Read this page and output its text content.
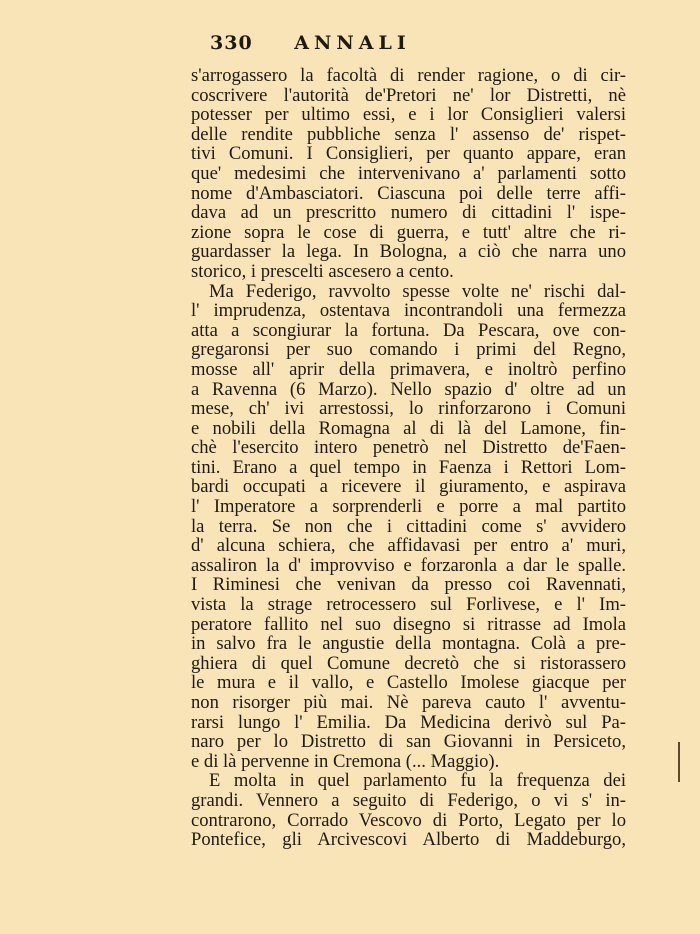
330 ANNALI
s'arrogassero la facoltà di render ragione, o di cir-
coscrivere l'autorità de'Pretori ne' lor Distretti, nè
potesser per ultimo essi, e i lor Consiglieri valersi
delle rendite pubbliche senza l' assenso de' rispet-
tivi Comuni. I Consiglieri, per quanto appare, eran
que' medesimi che intervenivano a' parlamenti sotto
nome d'Ambasciatori. Ciascuna poi delle terre affi-
dava ad un prescritto numero di cittadini l' ispe-
zione sopra le cose di guerra, e tutt' altre che ri-
guardasser la lega. In Bologna, a ciò che narra uno
storico, i prescelti ascesero a cento.
Ma Federigo, ravvolto spesse volte ne' rischi dal-
l' imprudenza, ostentava incontrandoli una fermezza
atta a scongiurar la fortuna. Da Pescara, ove con-
gregaronsi per suo comando i primi del Regno,
mosse all' aprir della primavera, e inoltrò perfino
a Ravenna (6 Marzo). Nello spazio d' oltre ad un
mese, ch' ivi arrestossi, lo rinforzarono i Comuni
e nobili della Romagna al di là del Lamone, fin-
chè l'esercito intero penetrò nel Distretto de'Faen-
tini. Erano a quel tempo in Faenza i Rettori Lom-
bardi occupati a ricevere il giuramento, e aspirava
l' Imperatore a sorprenderli e porre a mal partito
la terra. Se non che i cittadini come s' avvidero
d' alcuna schiera, che affidavasi per entro a' muri,
assaliron la d' improvviso e forzaronla a dar le spalle.
I Riminesi che venivan da presso coi Ravennati,
vista la strage retrocessero sul Forlivese, e l' Im-
peratore fallito nel suo disegno si ritrasse ad Imola
in salvo fra le angustie della montagna. Colà a pre-
ghiera di quel Comune decretò che si ristorassero
le mura e il vallo, e Castello Imolese giacque per
non risorger più mai. Nè pareva cauto l' avventu-
rarsi lungo l' Emilia. Da Medicina derivò sul Pa-
naro per lo Distretto di san Giovanni in Persiceto,
e di là pervenne in Cremona (... Maggio).
E molta in quel parlamento fu la frequenza dei
grandi. Vennero a seguito di Federigo, o vi s' in-
contrarono, Corrado Vescovo di Porto, Legato per lo
Pontefice, gli Arcivescovi Alberto di Maddeburgo,
